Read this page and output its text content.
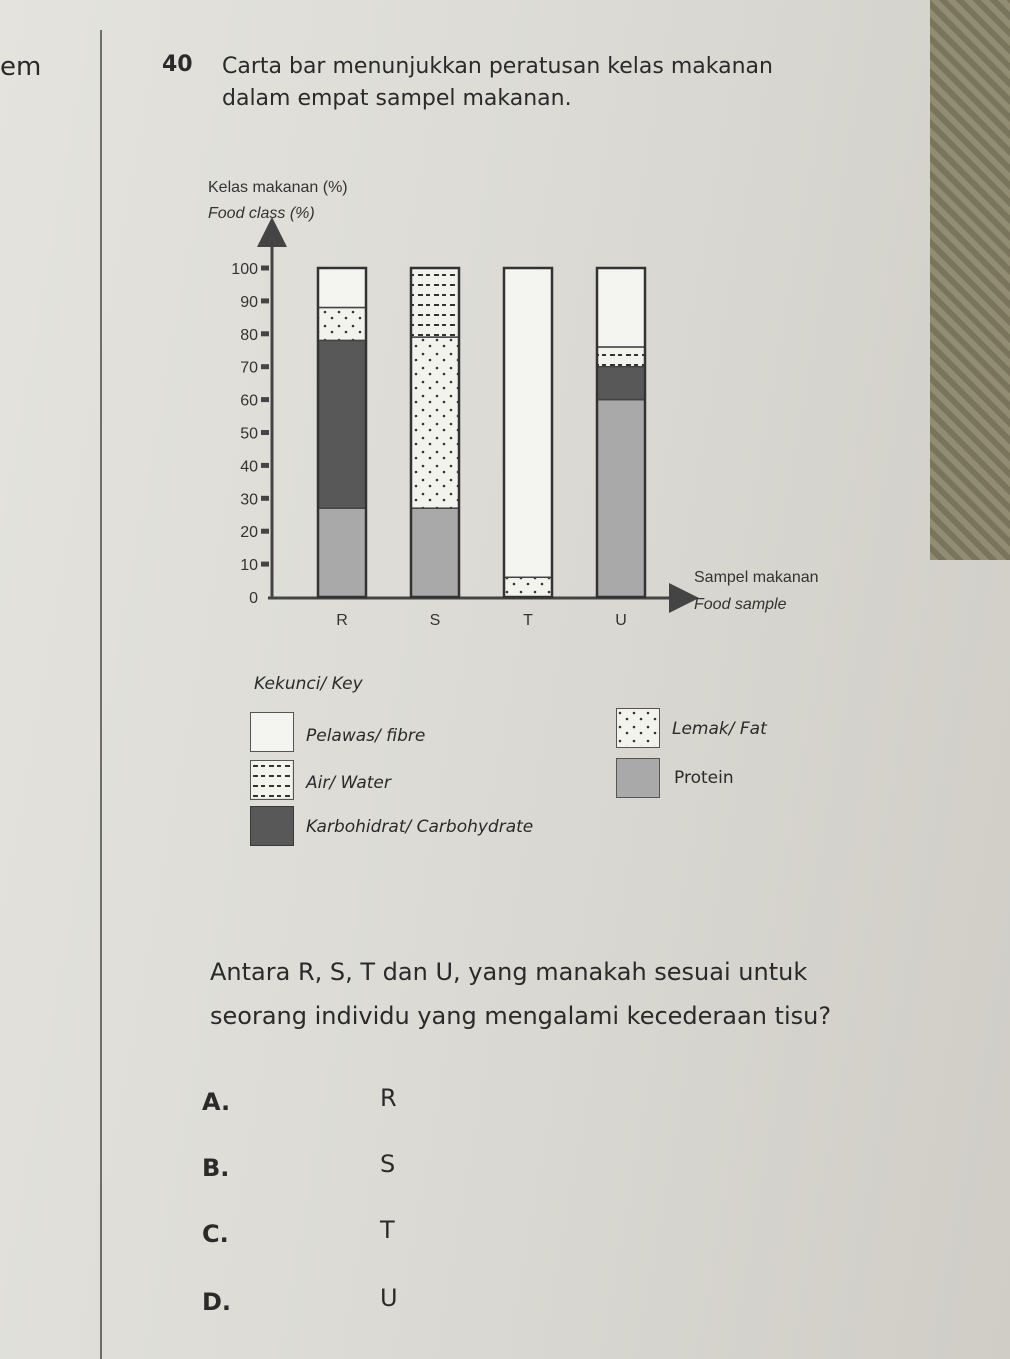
em	40 Carta bar menunjukkan peratusan kelas makanan
dalam empat sampel makanan.
Kelas makanan (%)
Food class (%)
100
90
80
70
60
50
40
30
20
10
0
R	S	T	U
Sampel makanan
Food sample
Kekunci/ Key
Pelawas/ fibre
Air/ Water
Karbohidrat/ Carbohydrate
Lemak/ Fat
Protein
Antara R, S, T dan U, yang manakah sesuai untuk
seorang individu yang mengalami kecederaan tisu?
A.	R
B.	S
C.	T
D.	U
